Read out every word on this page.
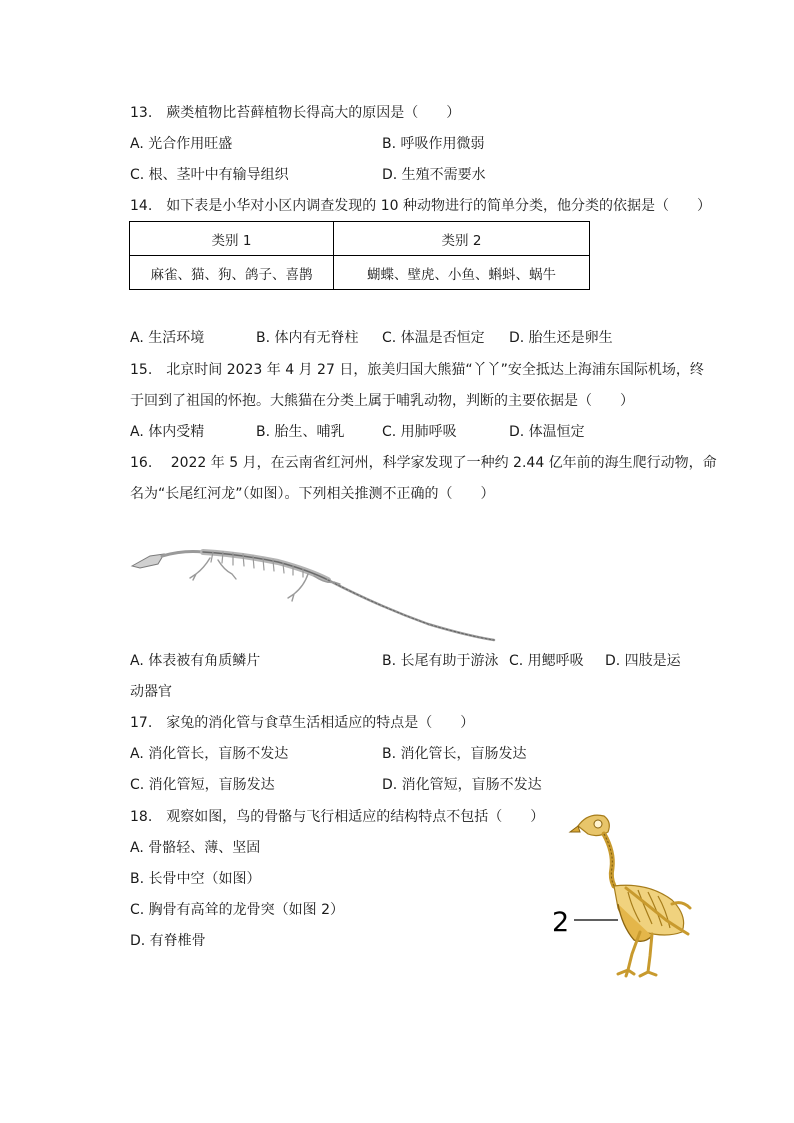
13. 蕨类植物比苔藓植物长得高大的原因是（  ）
A. 光合作用旺盛	B. 呼吸作用微弱
C. 根、茎叶中有输导组织	D. 生殖不需要水
14. 如下表是小华对小区内调查发现的 10 种动物进行的简单分类，他分类的依据是（  ）
类别 1	类别 2
麻雀、猫、狗、鸽子、喜鹊	蝴蝶、壁虎、小鱼、蝌蚪、蜗牛
A. 生活环境	B. 体内有无脊柱 C. 体温是否恒定 D. 胎生还是卵生
15. 北京时间 2023 年 4 月 27 日，旅美归国大熊猫“丫丫”安全抵达上海浦东国际机场，终
于回到了祖国的怀抱。大熊猫在分类上属于哺乳动物，判断的主要依据是（  ）
A. 体内受精	B. 胎生、哺乳	C. 用肺呼吸	D. 体温恒定
16.  2022 年 5 月，在云南省红河州，科学家发现了一种约 2.44 亿年前的海生爬行动物，命
名为“长尾红河龙”（如图）。下列相关推测不正确的（  ）
A. 体表被有角质鳞片	B. 长尾有助于游泳 C. 用鳃呼吸 D. 四肢是运
动器官
17. 家兔的消化管与食草生活相适应的特点是（  ）
A. 消化管长，盲肠不发达	B. 消化管长，盲肠发达
C. 消化管短，盲肠发达	D. 消化管短，盲肠不发达
18. 观察如图，鸟的骨骼与飞行相适应的结构特点不包括（  ）
A. 骨骼轻、薄、坚固
B. 长骨中空（如图）
C. 胸骨有高耸的龙骨突（如图 2）
D. 有脊椎骨
2
